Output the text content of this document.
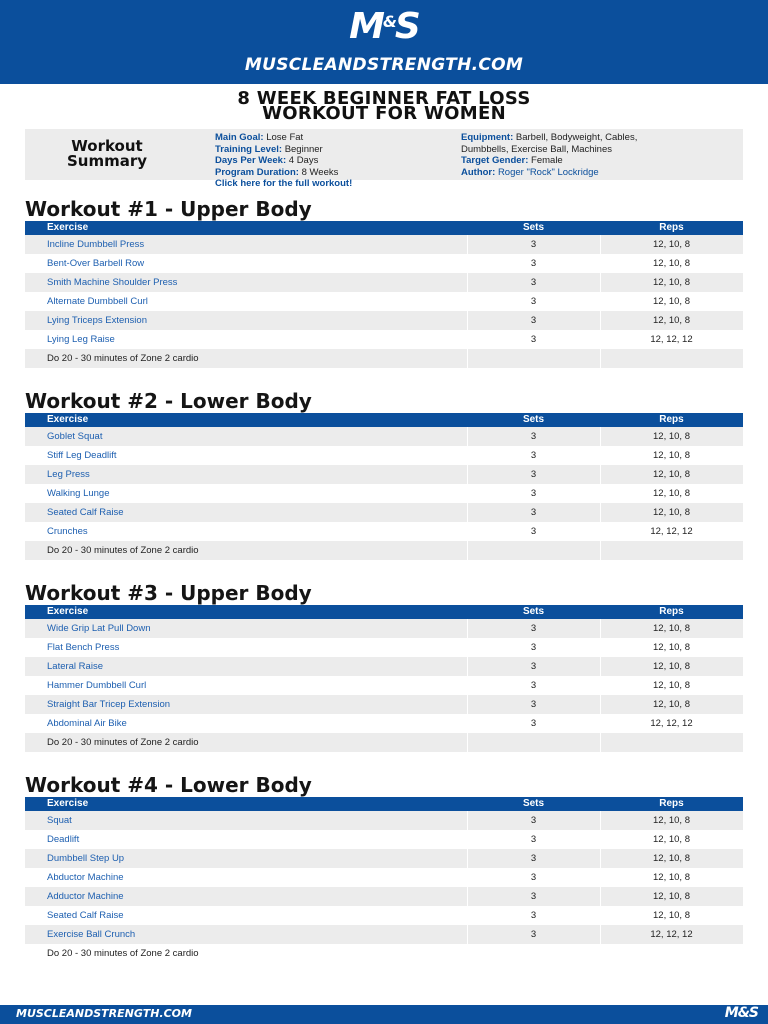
M&S
MUSCLEANDSTRENGTH.COM
8 WEEK BEGINNER FAT LOSS
WORKOUT FOR WOMEN
Workout
Summary
Main Goal: Lose Fat
Training Level: Beginner
Days Per Week: 4 Days
Program Duration: 8 Weeks
Click here for the full workout!
Equipment: Barbell, Bodyweight, Cables,
Dumbbells, Exercise Ball, Machines
Target Gender: Female
Author: Roger "Rock" Lockridge
Workout #1 - Upper Body
Exercise	Sets	Reps
Incline Dumbbell Press	3	12, 10, 8
Bent-Over Barbell Row	3	12, 10, 8
Smith Machine Shoulder Press	3	12, 10, 8
Alternate Dumbbell Curl	3	12, 10, 8
Lying Triceps Extension	3	12, 10, 8
Lying Leg Raise	3	12, 12, 12
Do 20 - 30 minutes of Zone 2 cardio		
Workout #2 - Lower Body
Exercise	Sets	Reps
Goblet Squat	3	12, 10, 8
Stiff Leg Deadlift	3	12, 10, 8
Leg Press	3	12, 10, 8
Walking Lunge	3	12, 10, 8
Seated Calf Raise	3	12, 10, 8
Crunches	3	12, 12, 12
Do 20 - 30 minutes of Zone 2 cardio		
Workout #3 - Upper Body
Exercise	Sets	Reps
Wide Grip Lat Pull Down	3	12, 10, 8
Flat Bench Press	3	12, 10, 8
Lateral Raise	3	12, 10, 8
Hammer Dumbbell Curl	3	12, 10, 8
Straight Bar Tricep Extension	3	12, 10, 8
Abdominal Air Bike	3	12, 12, 12
Do 20 - 30 minutes of Zone 2 cardio		
Workout #4 - Lower Body
Exercise	Sets	Reps
Squat	3	12, 10, 8
Deadlift	3	12, 10, 8
Dumbbell Step Up	3	12, 10, 8
Abductor Machine	3	12, 10, 8
Adductor Machine	3	12, 10, 8
Seated Calf Raise	3	12, 10, 8
Exercise Ball Crunch	3	12, 12, 12
Do 20 - 30 minutes of Zone 2 cardio		
MUSCLEANDSTRENGTH.COM	M&S
